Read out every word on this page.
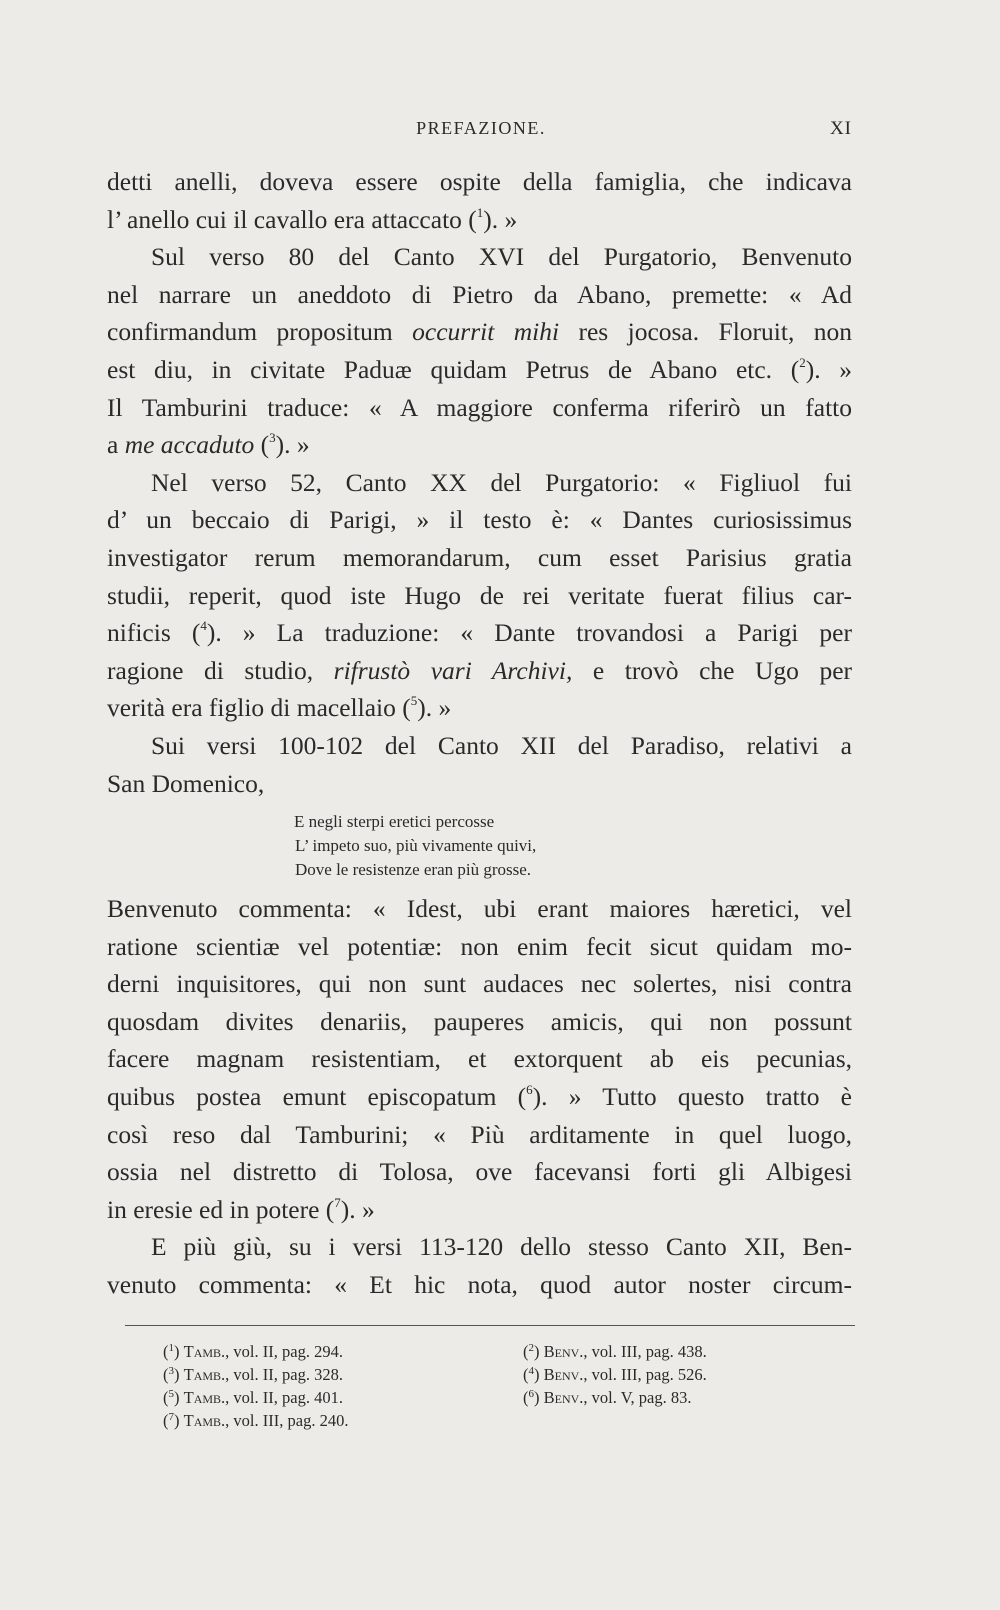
PREFAZIONE.	XI
detti anelli, doveva essere ospite della famiglia, che indicava
l’ anello cui il cavallo era attaccato ($^1$). »
Sul verso 80 del Canto XVI del Purgatorio, Benvenuto
nel narrare un aneddoto di Pietro da Abano, premette: « Ad
confirmandum propositum occurrit mihi res jocosa. Floruit, non
est diu, in civitate Paduæ quidam Petrus de Abano etc. ($^2$). »
Il Tamburini traduce: « A maggiore conferma riferirò un fatto
a me accaduto ($^3$). »
Nel verso 52, Canto XX del Purgatorio: « Figliuol fui
d’ un beccaio di Parigi, » il testo è: « Dantes curiosissimus
investigator rerum memorandarum, cum esset Parisius gratia
studii, reperit, quod iste Hugo de rei veritate fuerat filius car-
nificis ($^4$). » La traduzione: « Dante trovandosi a Parigi per
ragione di studio, rifrustò vari Archivi, e trovò che Ugo per
verità era figlio di macellaio ($^5$). »
Sui versi 100-102 del Canto XII del Paradiso, relativi a
San Domenico,
E negli sterpi eretici percosse
L’ impeto suo, più vivamente quivi,
Dove le resistenze eran più grosse.
Benvenuto commenta: « Idest, ubi erant maiores hæretici, vel
ratione scientiæ vel potentiæ: non enim fecit sicut quidam mo-
derni inquisitores, qui non sunt audaces nec solertes, nisi contra
quosdam divites denariis, pauperes amicis, qui non possunt
facere magnam resistentiam, et extorquent ab eis pecunias,
quibus postea emunt episcopatum ($^6$). » Tutto questo tratto è
così reso dal Tamburini; « Più arditamente in quel luogo,
ossia nel distretto di Tolosa, ove facevansi forti gli Albigesi
in eresie ed in potere ($^7$). »
E più giù, su i versi 113-120 dello stesso Canto XII, Ben-
venuto commenta: « Et hic nota, quod autor noster circum-
($^1$) Tamb., vol. II, pag. 294.
($^3$) Tamb., vol. II, pag. 328.
($^5$) Tamb., vol. II, pag. 401.
($^7$) Tamb., vol. III, pag. 240.
($^2$) Benv., vol. III, pag. 438.
($^4$) Benv., vol. III, pag. 526.
($^6$) Benv., vol. V, pag. 83.
